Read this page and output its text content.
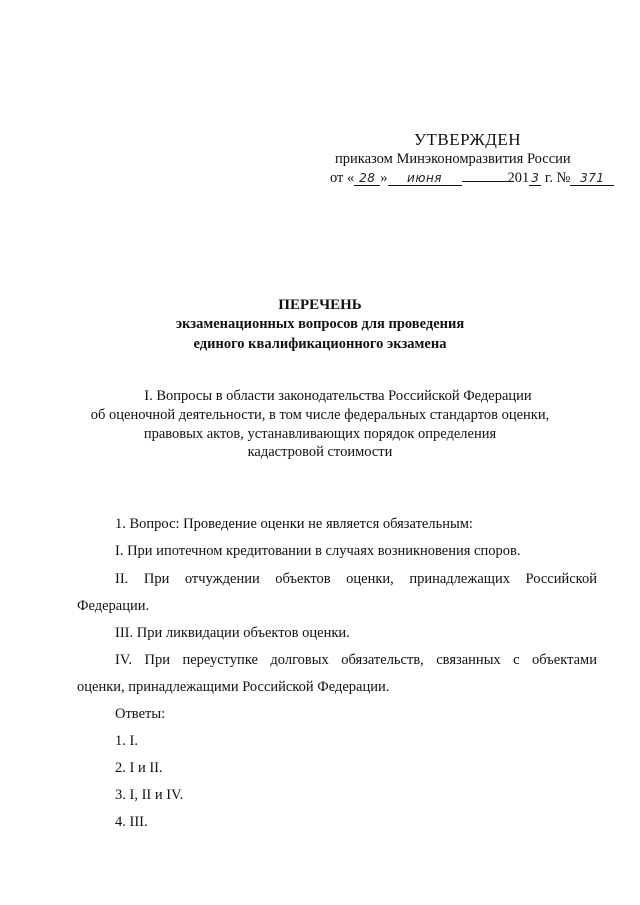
УТВЕРЖДЕН
приказом Минэкономразвития России
от « 28 »	июня	201 3 г. № 371
ПЕРЕЧЕНЬ
экзаменационных вопросов для проведения
единого квалификационного экзамена
I. Вопросы в области законодательства Российской Федерации
об оценочной деятельности, в том числе федеральных стандартов оценки,
правовых актов, устанавливающих порядок определения
кадастровой стоимости
1. Вопрос: Проведение оценки не является обязательным:
I. При ипотечном кредитовании в случаях возникновения споров.
II. При отчуждении объектов оценки, принадлежащих Российской
Федерации.
III. При ликвидации объектов оценки.
IV. При переуступке долговых обязательств, связанных с объектами
оценки, принадлежащими Российской Федерации.
Ответы:
1. I.
2. I и II.
3. I, II и IV.
4. III.
